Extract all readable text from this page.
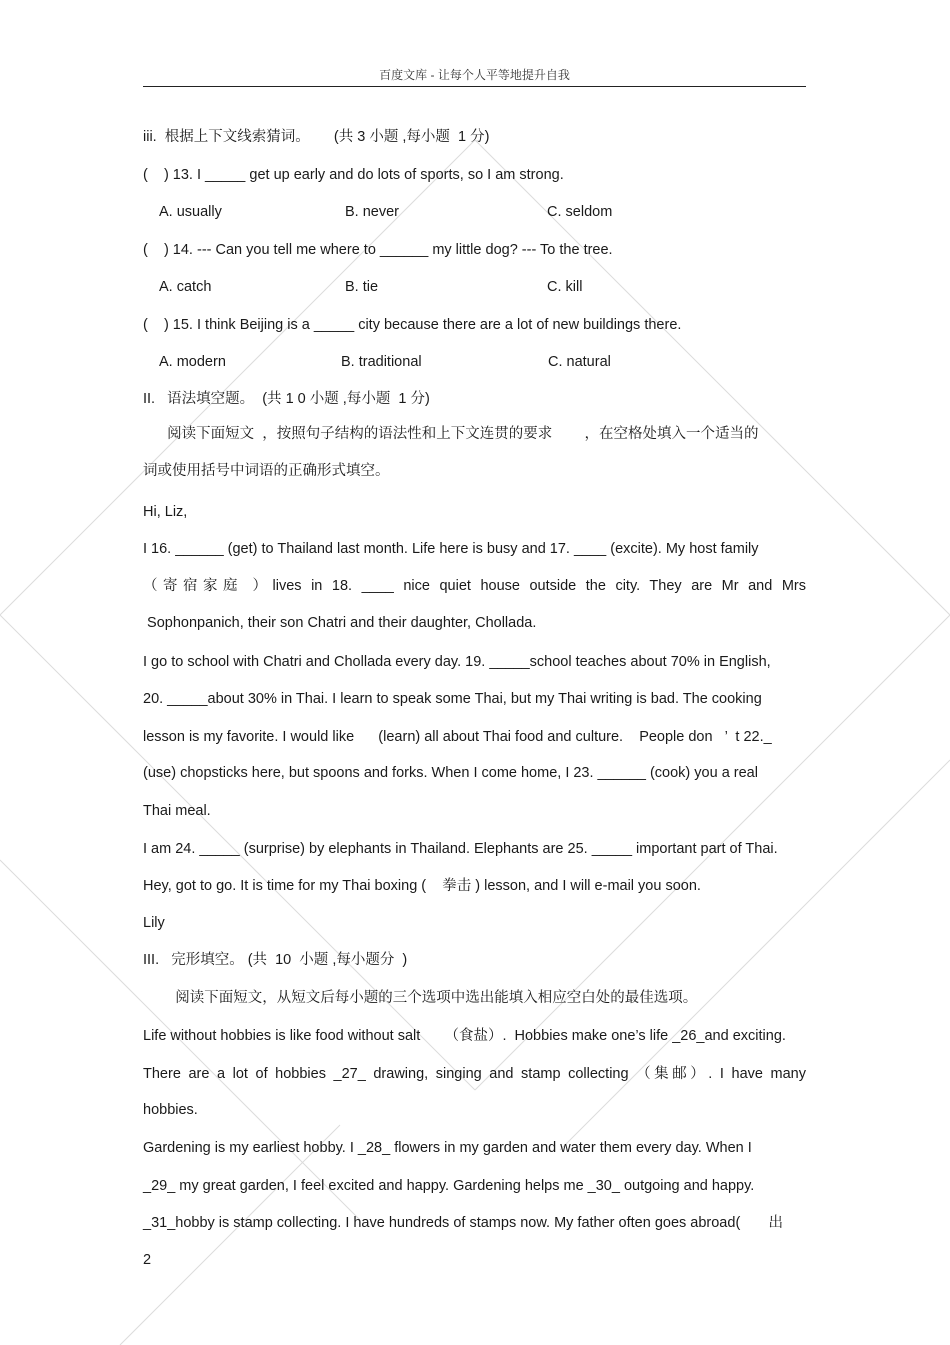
百度文库 - 让每个人平等地提升自我
iii.  根据上下文线索猜词。      (共 3 小题 ,每小题  1 分)
(    ) 13. I _____ get up early and do lots of sports, so I am strong.
A. usually	B. never	C. seldom
(    ) 14. --- Can you tell me where to ______ my little dog? --- To the tree.
A. catch	B. tie	C. kill
(    ) 15. I think Beijing is a _____ city because there are a lot of new buildings there.
A. modern	B. traditional	C. natural
II.   语法填空题。  (共 1 0 小题 ,每小题  1 分)
阅读下面短文  ，按照句子结构的语法性和上下文连贯的要求        ，在空格处填入一个适当的
词或使用括号中词语的正确形式填空。
Hi, Liz,
I 16. ______ (get) to Thailand last month. Life here is busy and 17. ____ (excite). My host family
（寄宿家庭 ）lives in 18. ____ nice quiet house outside the city. They are Mr and Mrs
Sophonpanich, their son Chatri and their daughter, Chollada.
I go to school with Chatri and Chollada every day. 19. _____school teaches about 70% in English,
20. _____about 30% in Thai. I learn to speak some Thai, but my Thai writing is bad. The cooking
lesson is my favorite. I would like      (learn) all about Thai food and culture.    People don   ’  t 22._
(use) chopsticks here, but spoons and forks. When I come home, I 23. ______ (cook) you a real
Thai meal.
I am 24. _____ (surprise) by elephants in Thailand. Elephants are 25. _____ important part of Thai.
Hey, got to go. It is time for my Thai boxing (    拳击 ) lesson, and I will e-mail you soon.
Lily
III.   完形填空。 (共  10  小题 ,每小题分  )
阅读下面短文，从短文后每小题的三个选项中选出能填入相应空白处的最佳选项。
Life without hobbies is like food without salt      （食盐）.  Hobbies make one’s life _26_and exciting.
There are a lot of hobbies _27_ drawing, singing and stamp collecting （集邮）. I have many
hobbies.
Gardening is my earliest hobby. I _28_ flowers in my garden and water them every day. When I
_29_ my great garden, I feel excited and happy. Gardening helps me _30_ outgoing and happy.
_31_hobby is stamp collecting. I have hundreds of stamps now. My father often goes abroad(       出
2
